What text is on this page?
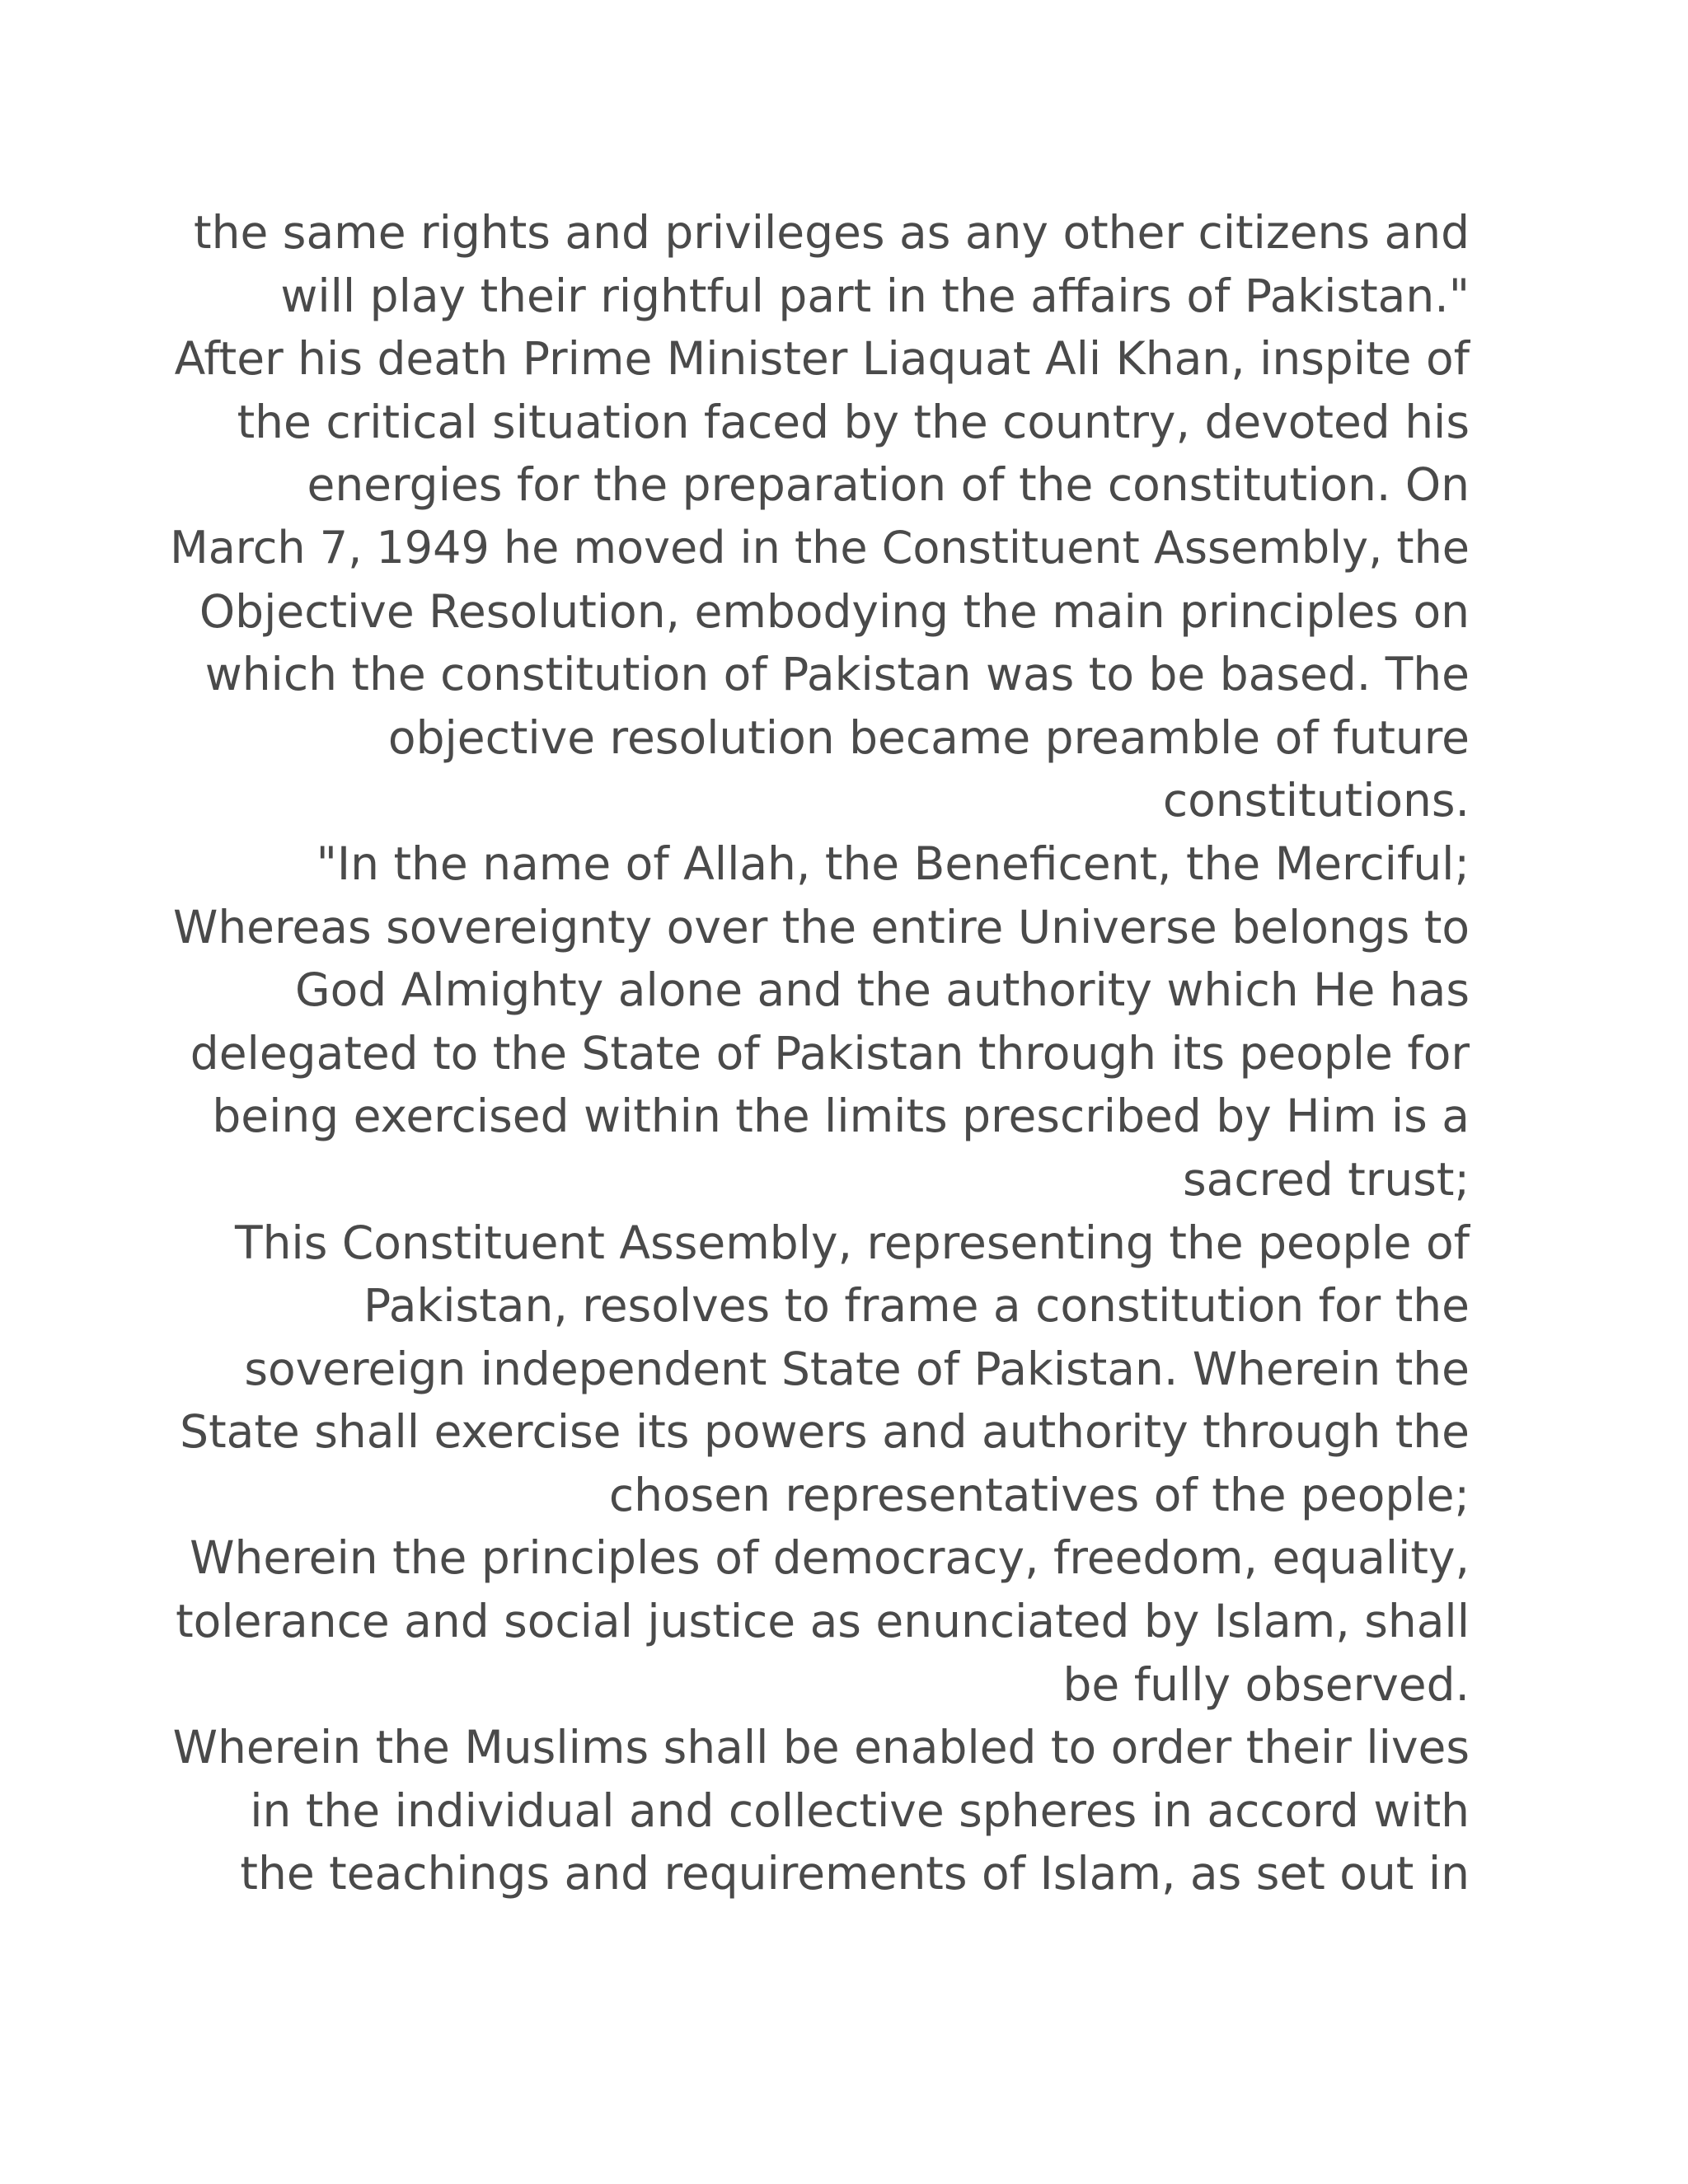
the same rights and privileges as any other citizens and
will play their rightful part in the affairs of Pakistan."
After his death Prime Minister Liaquat Ali Khan, inspite of
the critical situation faced by the country, devoted his
energies for the preparation of the constitution. On
March 7, 1949 he moved in the Constituent Assembly, the
Objective Resolution, embodying the main principles on
which the constitution of Pakistan was to be based. The
objective resolution became preamble of future
constitutions.
"In the name of Allah, the Beneficent, the Merciful;
Whereas sovereignty over the entire Universe belongs to
God Almighty alone and the authority which He has
delegated to the State of Pakistan through its people for
being exercised within the limits prescribed by Him is a
sacred trust;
This Constituent Assembly, representing the people of
Pakistan, resolves to frame a constitution for the
sovereign independent State of Pakistan. Wherein the
State shall exercise its powers and authority through the
chosen representatives of the people;
Wherein the principles of democracy, freedom, equality,
tolerance and social justice as enunciated by Islam, shall
be fully observed.
Wherein the Muslims shall be enabled to order their lives
in the individual and collective spheres in accord with
the teachings and requirements of Islam, as set out in
